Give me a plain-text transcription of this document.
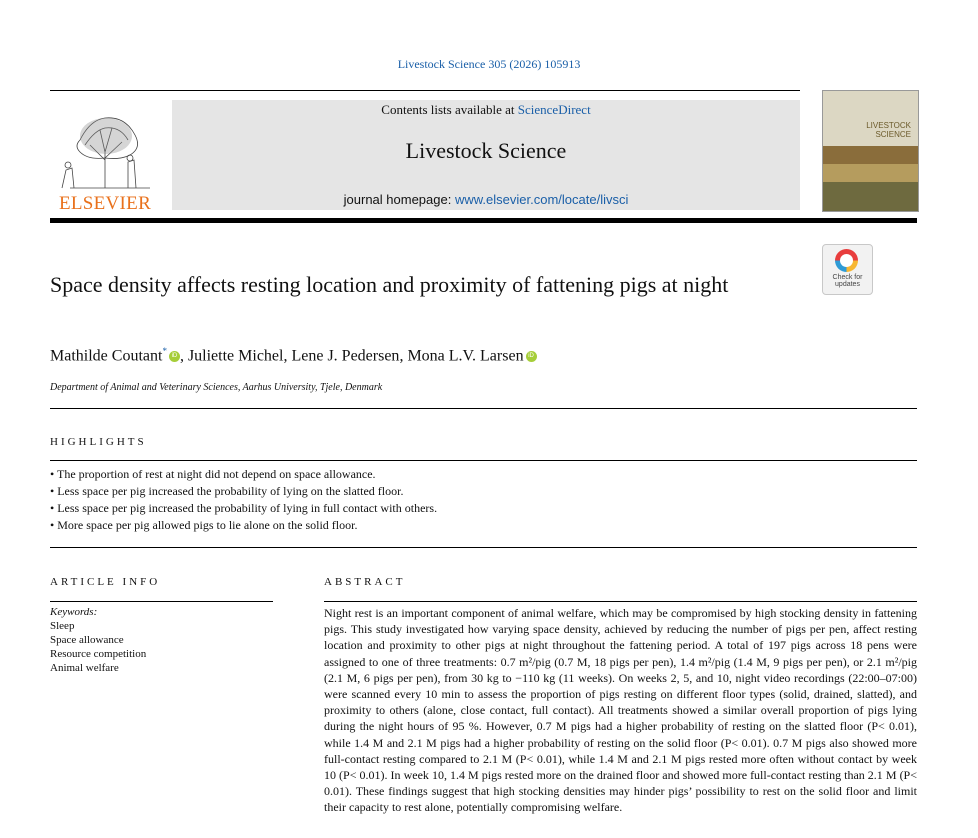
Livestock Science 305 (2026) 105913
ELSEVIER
Contents lists available at ScienceDirect
Livestock Science
journal homepage: www.elsevier.com/locate/livsci
LIVESTOCK
SCIENCE
Check for
updates
Space density affects resting location and proximity of fattening pigs at night
Mathilde Coutant*iD , Juliette Michel, Lene J. Pedersen, Mona L.V. Larsen iD
Department of Animal and Veterinary Sciences, Aarhus University, Tjele, Denmark
HIGHLIGHTS
• The proportion of rest at night did not depend on space allowance.
• Less space per pig increased the probability of lying on the slatted floor.
• Less space per pig increased the probability of lying in full contact with others.
• More space per pig allowed pigs to lie alone on the solid floor.
ARTICLE INFO
Keywords:
Sleep
Space allowance
Resource competition
Animal welfare
ABSTRACT
Night rest is an important component of animal welfare, which may be compromised by high stocking density in fattening pigs. This study investigated how varying space density, achieved by reducing the number of pigs per pen, affect resting location and proximity to other pigs at night throughout the fattening period. A total of 197 pigs across 18 pens were assigned to one of three treatments: 0.7 m²/pig (0.7 M, 18 pigs per pen), 1.4 m²/pig (1.4 M, 9 pigs per pen), or 2.1 m²/pig (2.1 M, 6 pigs per pen), from 30 kg to −110 kg (11 weeks). On weeks 2, 5, and 10, night video recordings (22:00–07:00) were scanned every 10 min to assess the proportion of pigs resting on different floor types (solid, drained, slatted), and proximity to others (alone, close contact, full contact). All treatments showed a similar overall proportion of pigs lying during the night hours of 95 %. However, 0.7 M pigs had a higher probability of resting on the slatted floor (P< 0.01), while 1.4 M and 2.1 M pigs had a higher probability of resting on the solid floor (P< 0.01). 0.7 M pigs also showed more full-contact resting compared to 2.1 M (P< 0.01), while 1.4 M and 2.1 M pigs rested more often without contact by week 10 (P< 0.01). In week 10, 1.4 M pigs rested more on the drained floor and showed more full-contact resting than 2.1 M (P< 0.01). These findings suggest that high stocking densities may hinder pigs’ possibility to rest on the solid floor and limit their capacity to rest alone, potentially compromising welfare.
